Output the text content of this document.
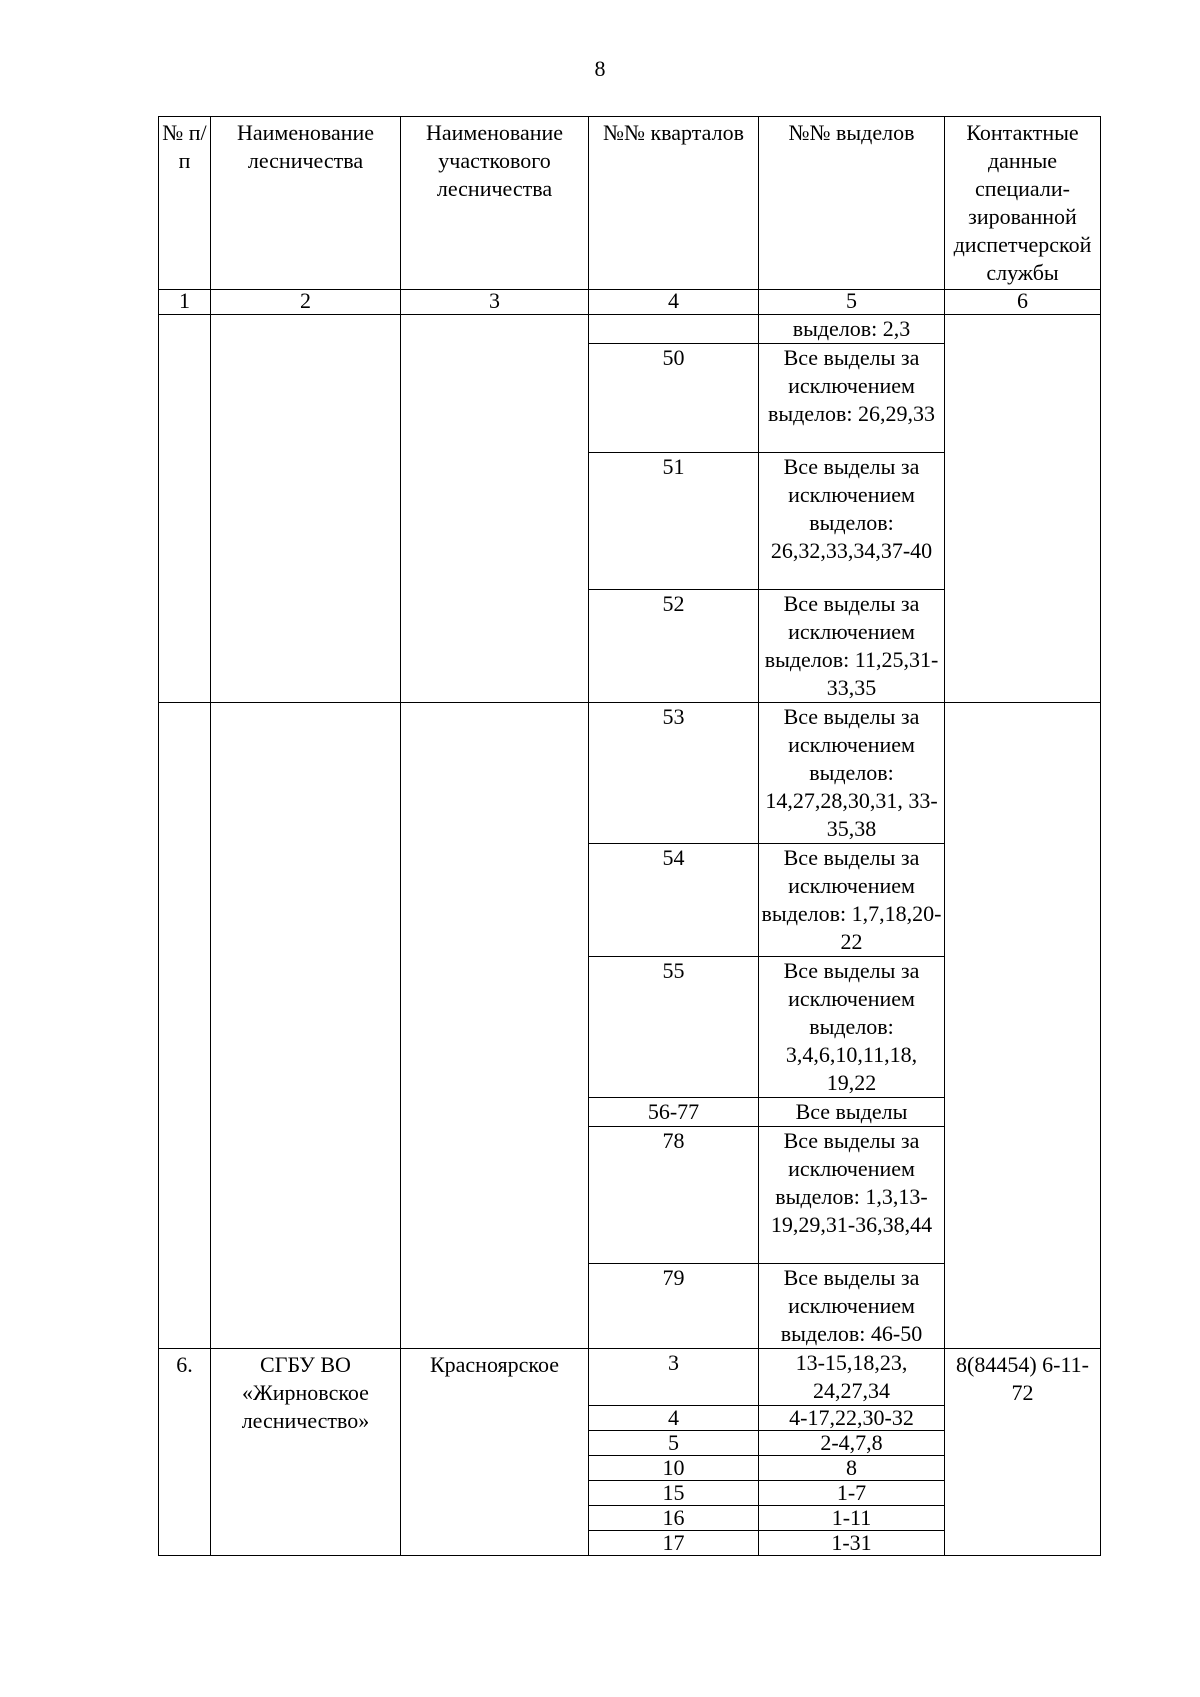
8
№ п/п	Наименование лесничества	Наименование участкового лесничества	№№ кварталов	№№ выделов	Контактные данные специали-зированной диспетчерской службы
1	2	3	4	5	6
				выделов: 2,3	
			50	Все выделы за исключением выделов: 26,29,33	
			51	Все выделы за исключением выделов: 26,32,33,34,37-40	
			52	Все выделы за исключением выделов: 11,25,31-33,35	
			53	Все выделы за исключением выделов: 14,27,28,30,31, 33-35,38	
			54	Все выделы за исключением выделов: 1,7,18,20-22	
			55	Все выделы за исключением выделов: 3,4,6,10,11,18, 19,22	
			56-77	Все выделы	
			78	Все выделы за исключением выделов: 1,3,13-19,29,31-36,38,44	
			79	Все выделы за исключением выделов: 46-50	
6.	СГБУ ВО «Жирновское лесничество»	Красноярское	3	13-15,18,23, 24,27,34	8(84454) 6-11-72
			4	4-17,22,30-32	
			5	2-4,7,8	
			10	8	
			15	1-7	
			16	1-11	
			17	1-31	
